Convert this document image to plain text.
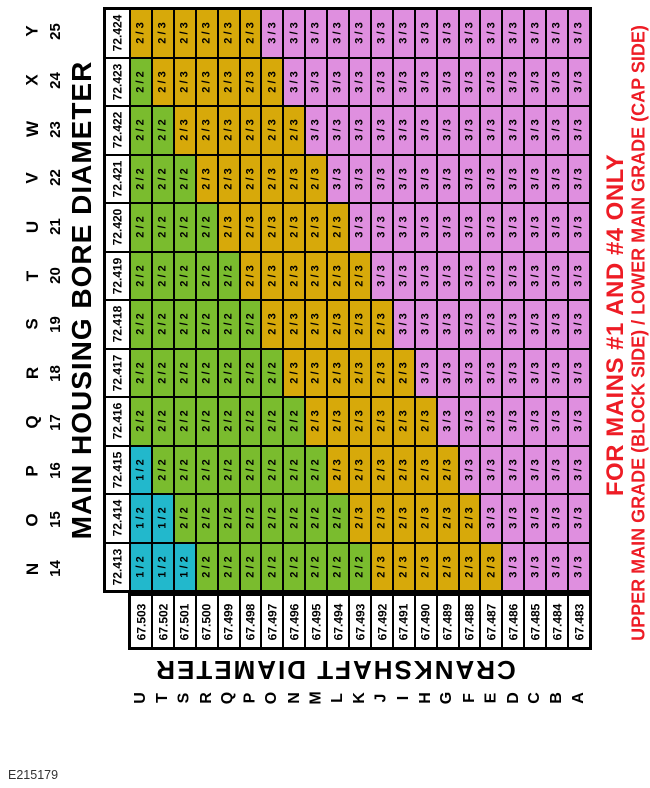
MAIN HOUSING BORE DIAMETER
Y
X
W
V
U
T
S
R
Q
P
O
N
25
24
23
22
21
20
19
18
17
16
15
14
72.424 2 / 3 2 / 3 2 / 3 2 / 3 2 / 3 2 / 3 3 / 3 3 / 3 3 / 3 3 / 3 3 / 3 3 / 3 3 / 3 3 / 3 3 / 3 3 / 3 3 / 3 3 / 3 3 / 3 3 / 3 3 / 3
72.423 2 / 2 2 / 3 2 / 3 2 / 3 2 / 3 2 / 3 2 / 3 3 / 3 3 / 3 3 / 3 3 / 3 3 / 3 3 / 3 3 / 3 3 / 3 3 / 3 3 / 3 3 / 3 3 / 3 3 / 3 3 / 3
72.422 2 / 2 2 / 2 2 / 3 2 / 3 2 / 3 2 / 3 2 / 3 2 / 3 3 / 3 3 / 3 3 / 3 3 / 3 3 / 3 3 / 3 3 / 3 3 / 3 3 / 3 3 / 3 3 / 3 3 / 3 3 / 3
72.421 2 / 2 2 / 2 2 / 2 2 / 3 2 / 3 2 / 3 2 / 3 2 / 3 2 / 3 3 / 3 3 / 3 3 / 3 3 / 3 3 / 3 3 / 3 3 / 3 3 / 3 3 / 3 3 / 3 3 / 3 3 / 3
72.420 2 / 2 2 / 2 2 / 2 2 / 2 2 / 3 2 / 3 2 / 3 2 / 3 2 / 3 2 / 3 3 / 3 3 / 3 3 / 3 3 / 3 3 / 3 3 / 3 3 / 3 3 / 3 3 / 3 3 / 3 3 / 3
72.419 2 / 2 2 / 2 2 / 2 2 / 2 2 / 2 2 / 3 2 / 3 2 / 3 2 / 3 2 / 3 2 / 3 3 / 3 3 / 3 3 / 3 3 / 3 3 / 3 3 / 3 3 / 3 3 / 3 3 / 3 3 / 3
72.418 2 / 2 2 / 2 2 / 2 2 / 2 2 / 2 2 / 2 2 / 3 2 / 3 2 / 3 2 / 3 2 / 3 2 / 3 3 / 3 3 / 3 3 / 3 3 / 3 3 / 3 3 / 3 3 / 3 3 / 3 3 / 3
72.417 2 / 2 2 / 2 2 / 2 2 / 2 2 / 2 2 / 2 2 / 2 2 / 3 2 / 3 2 / 3 2 / 3 2 / 3 2 / 3 3 / 3 3 / 3 3 / 3 3 / 3 3 / 3 3 / 3 3 / 3 3 / 3
72.416 2 / 2 2 / 2 2 / 2 2 / 2 2 / 2 2 / 2 2 / 2 2 / 2 2 / 3 2 / 3 2 / 3 2 / 3 2 / 3 2 / 3 3 / 3 3 / 3 3 / 3 3 / 3 3 / 3 3 / 3 3 / 3
72.415 1 / 2 2 / 2 2 / 2 2 / 2 2 / 2 2 / 2 2 / 2 2 / 2 2 / 2 2 / 3 2 / 3 2 / 3 2 / 3 2 / 3 2 / 3 3 / 3 3 / 3 3 / 3 3 / 3 3 / 3 3 / 3
72.414 1 / 2 1 / 2 2 / 2 2 / 2 2 / 2 2 / 2 2 / 2 2 / 2 2 / 2 2 / 2 2 / 3 2 / 3 2 / 3 2 / 3 2 / 3 2 / 3 3 / 3 3 / 3 3 / 3 3 / 3 3 / 3
72.413 1 / 2 1 / 2 1 / 2 2 / 2 2 / 2 2 / 2 2 / 2 2 / 2 2 / 2 2 / 2 2 / 2 2 / 3 2 / 3 2 / 3 2 / 3 2 / 3 2 / 3 3 / 3 3 / 3 3 / 3 3 / 3
67.503 67.502 67.501 67.500 67.499 67.498 67.497 67.496 67.495 67.494 67.493 67.492 67.491 67.490 67.489 67.488 67.487 67.486 67.485 67.484 67.483
CRANKSHAFT DIAMETER
U T S R Q P O N M L K J I H G F E D C B A
FOR MAINS #1 AND #4 ONLY UPPER MAIN GRADE (BLOCK SIDE) / LOWER MAIN GRADE (CAP SIDE)
E215179
